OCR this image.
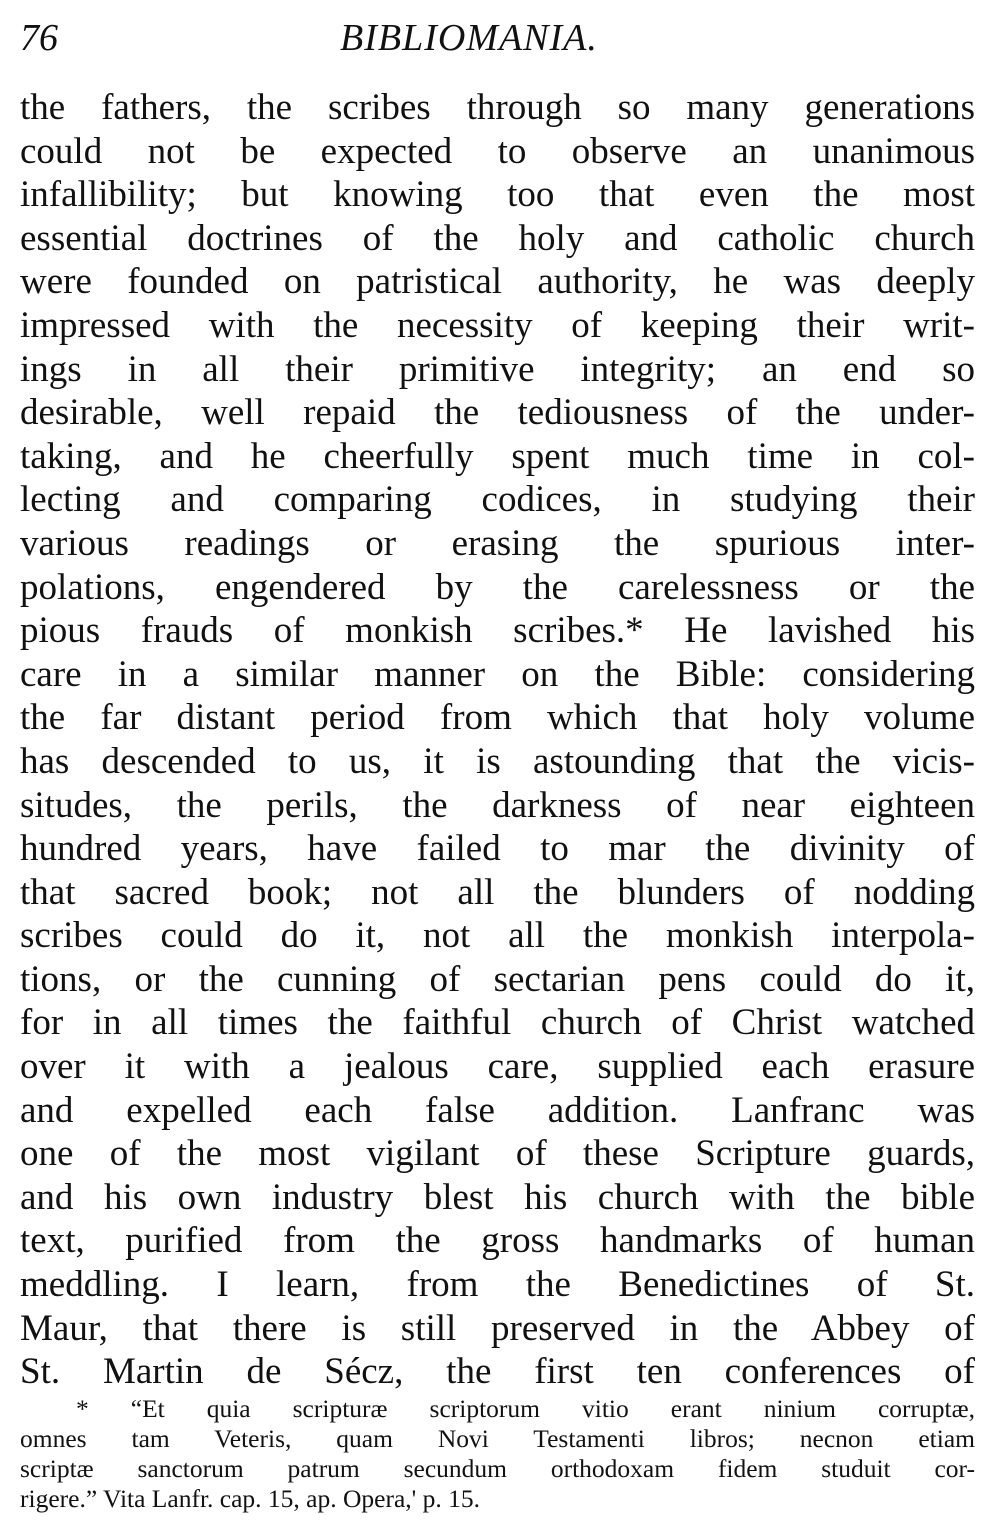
76	BIBLIOMANIA.
the fathers, the scribes through so many generations
could not be expected to observe an unanimous
infallibility; but knowing too that even the most
essential doctrines of the holy and catholic church
were founded on patristical authority, he was deeply
impressed with the necessity of keeping their writ-
ings in all their primitive integrity; an end so
desirable, well repaid the tediousness of the under-
taking, and he cheerfully spent much time in col-
lecting and comparing codices, in studying their
various readings or erasing the spurious inter-
polations, engendered by the carelessness or the
pious frauds of monkish scribes.* He lavished his
care in a similar manner on the Bible: considering
the far distant period from which that holy volume
has descended to us, it is astounding that the vicis-
situdes, the perils, the darkness of near eighteen
hundred years, have failed to mar the divinity of
that sacred book; not all the blunders of nodding
scribes could do it, not all the monkish interpola-
tions, or the cunning of sectarian pens could do it,
for in all times the faithful church of Christ watched
over it with a jealous care, supplied each erasure
and expelled each false addition. Lanfranc was
one of the most vigilant of these Scripture guards,
and his own industry blest his church with the bible
text, purified from the gross handmarks of human
meddling. I learn, from the Benedictines of St.
Maur, that there is still preserved in the Abbey of
St. Martin de Sécz, the first ten conferences of
* “Et quia scripturæ scriptorum vitio erant ninium corruptæ,
omnes tam Veteris, quam Novi Testamenti libros; necnon etiam
scriptæ sanctorum patrum secundum orthodoxam fidem studuit cor-
rigere.” Vita Lanfr. cap. 15, ap. Opera,' p. 15.
